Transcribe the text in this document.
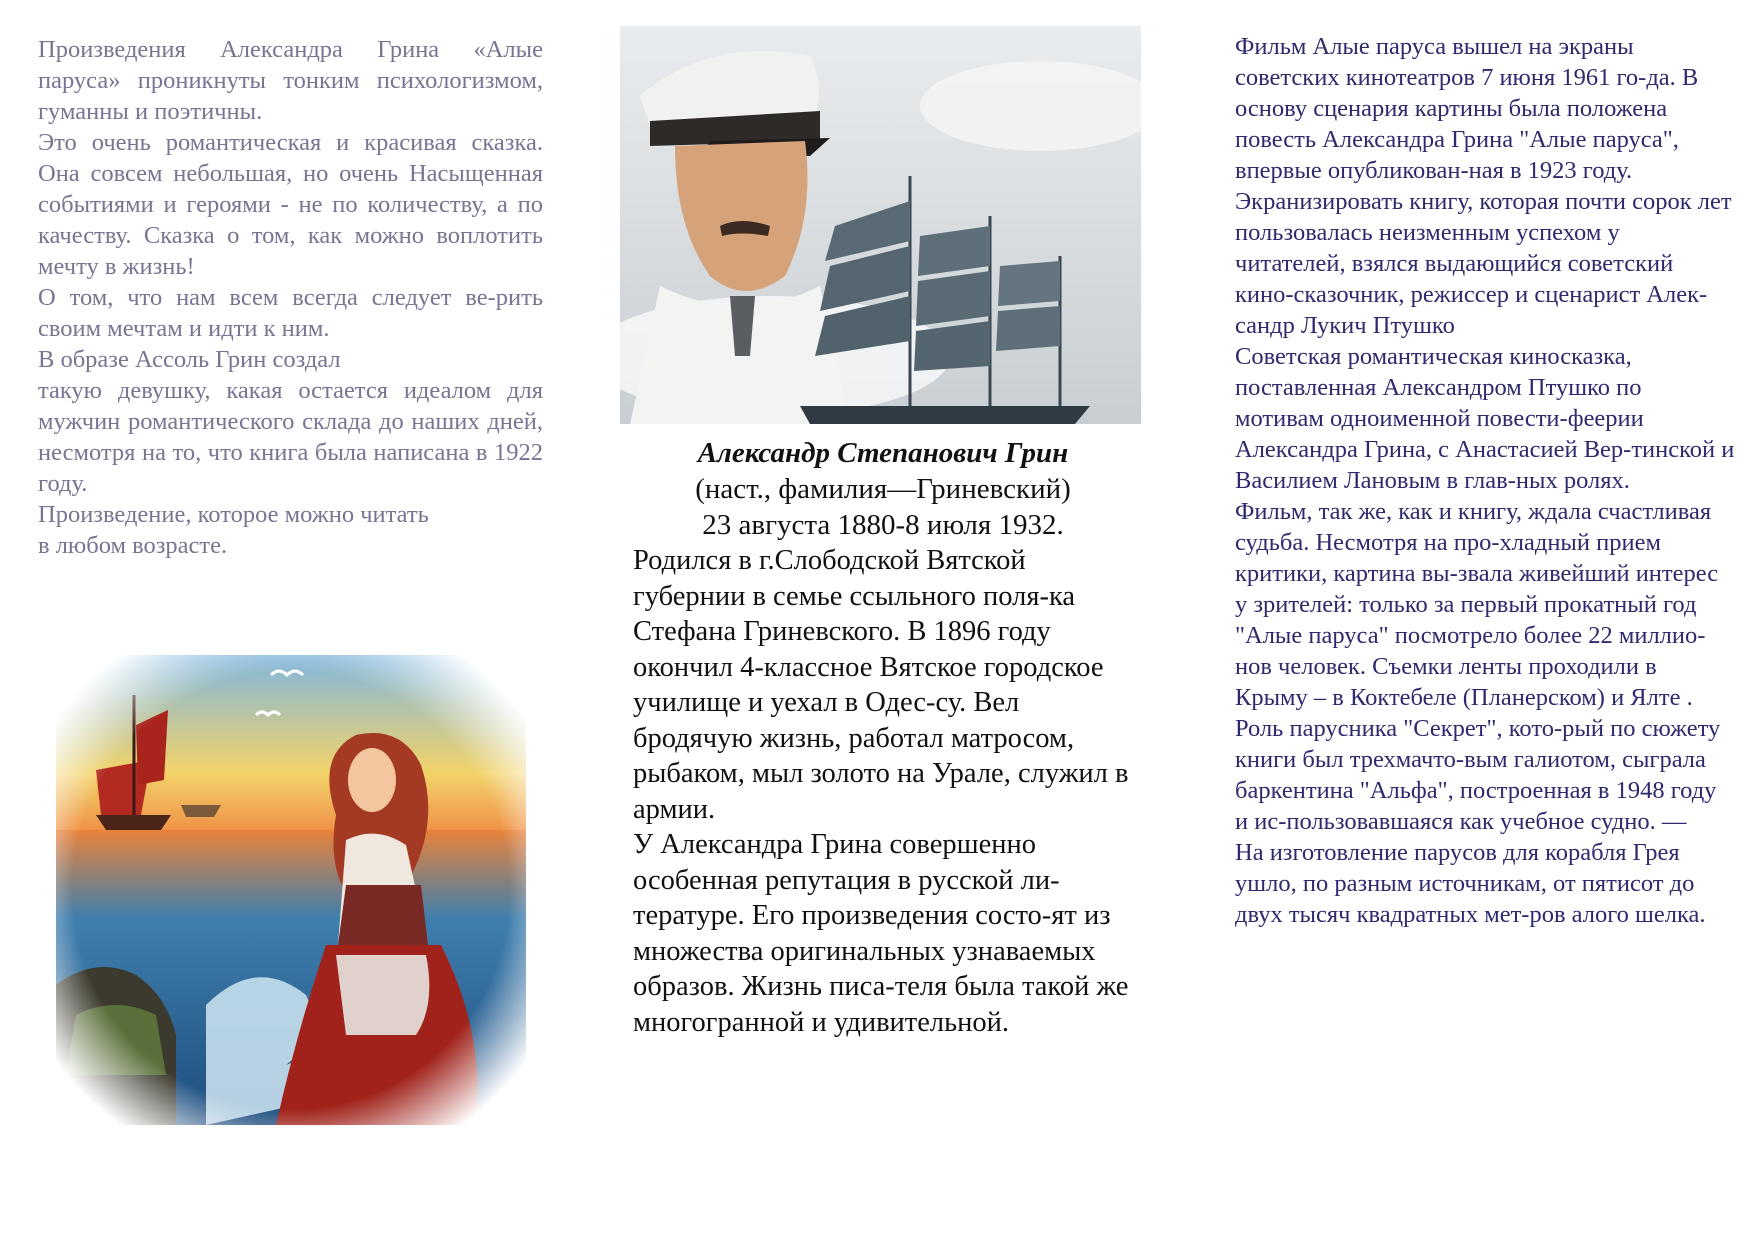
Произведения Александра Грина «Алые паруса» проникнуты тонким психологизмом, гуманны и поэтичны.

Это очень романтическая и красивая сказка. Она совсем небольшая, но очень Насыщенная событиями и героями - не по количеству, а по качеству. Сказка о том, как можно воплотить мечту в жизнь!

О том, что нам всем всегда следует ве-рить своим мечтам и идти к ним.

В образе Ассоль Грин создал

такую девушку, какая остается идеалом для мужчин романтического склада до наших дней, несмотря на то, что книга была написана в 1922 году.

Произведение, которое можно читать в любом возрасте.

Александр Степанович Грин
(наст., фамилия—Гриневский)
23 августа 1880-8 июля 1932.

Родился в г.Слободской Вятской губернии в семье ссыльного поля-ка Стефана Гриневского. В 1896 году окончил 4-классное Вятское городское училище и уехал в Одес-су. Вел бродячую жизнь, работал матросом, рыбаком, мыл золото на Урале, служил в армии.

У Александра Грина совершенно особенная репутация в русской ли-тературе. Его произведения состо-ят из множества оригинальных узнаваемых образов. Жизнь писа-теля была такой же многогранной и удивительной.

Фильм Алые паруса вышел на экраны советских кинотеатров 7 июня 1961 го-да. В основу сценария картины была положена повесть Александра Грина "Алые паруса", впервые опубликован-ная в 1923 году. Экранизировать книгу, которая почти сорок лет пользовалась неизменным успехом у читателей, взялся выдающийся советский кино-сказочник, режиссер и сценарист Алек-сандр Лукич Птушко

Советская романтическая киносказка, поставленная Александром Птушко по мотивам одноименной повести-феерии Александра Грина, с Анастасией Вер-тинской и Василием Лановым в глав-ных ролях.

Фильм, так же, как и книгу, ждала счастливая судьба. Несмотря на про-хладный прием критики, картина вы-звала живейший интерес у зрителей: только за первый прокатный год "Алые паруса" посмотрело более 22 миллио-нов человек. Съемки ленты проходили в Крыму – в Коктебеле (Планерском) и Ялте . Роль парусника "Секрет", кото-рый по сюжету книги был трехмачто-вым галиотом, сыграла баркентина "Альфа", построенная в 1948 году и ис-пользовавшаяся как учебное судно. —

На изготовление парусов для корабля Грея ушло, по разным источникам, от пятисот до двух тысяч квадратных мет-ров алого шелка.
